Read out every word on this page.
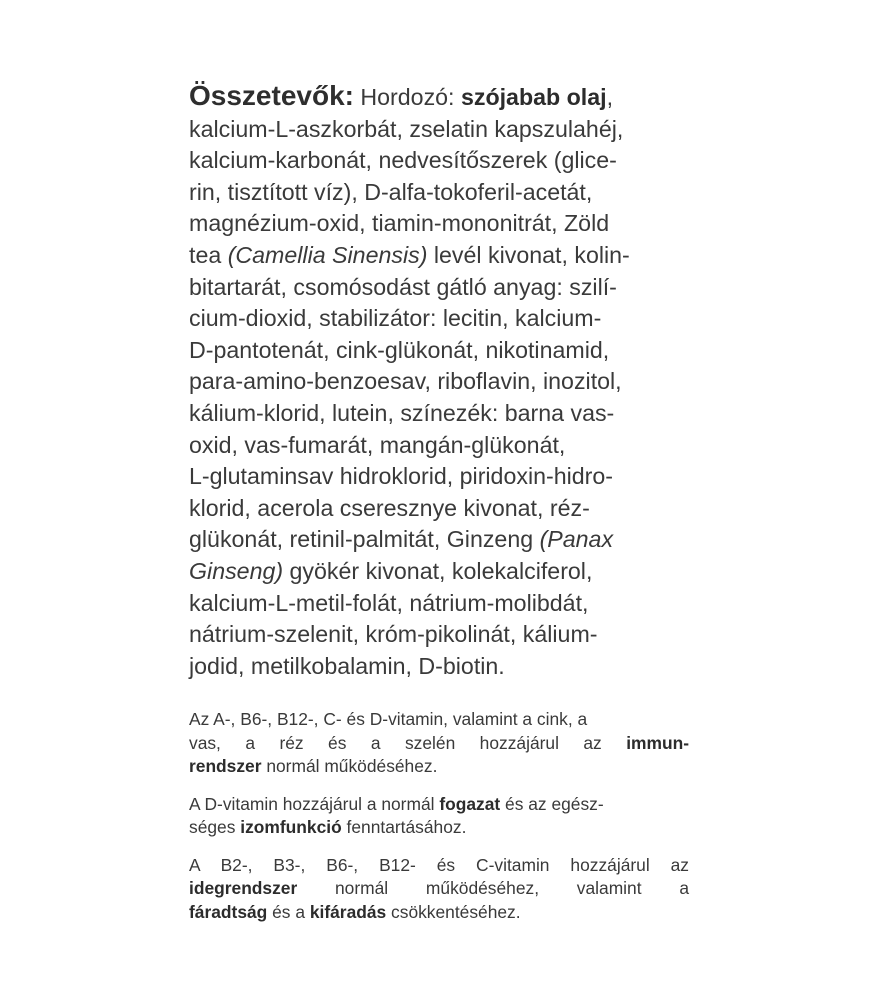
Összetevők: Hordozó: szójabab olaj,
kalcium-L-aszkorbát, zselatin kapszulahéj,
kalcium-karbonát, nedvesítőszerek (glice-
rin, tisztított víz), D-alfa-tokoferil-acetát,
magnézium-oxid, tiamin-mononitrát, Zöld
tea (Camellia Sinensis) levél kivonat, kolin-
bitartarát, csomósodást gátló anyag: szilí-
cium-dioxid, stabilizátor: lecitin, kalcium-
D-pantotenát, cink-glükonát, nikotinamid,
para-amino-benzoesav, riboflavin, inozitol,
kálium-klorid, lutein, színezék: barna vas-
oxid, vas-fumarát, mangán-glükonát,
L-glutaminsav hidroklorid, piridoxin-hidro-
klorid, acerola cseresznye kivonat, réz-
glükonát, retinil-palmitát, Ginzeng (Panax
Ginseng) gyökér kivonat, kolekalciferol,
kalcium-L-metil-folát, nátrium-molibdát,
nátrium-szelenit, króm-pikolinát, kálium-
jodid, metilkobalamin, D-biotin.

Az A-, B6-, B12-, C- és D-vitamin, valamint a cink, a
vas, a réz és a szelén hozzájárul az immun-
rendszer normál működéséhez.

A D-vitamin hozzájárul a normál fogazat és az egész-
séges izomfunkció fenntartásához.

A B2-, B3-, B6-, B12- és C-vitamin hozzájárul az
idegrendszer normál működéséhez, valamint a
fáradtság és a kifáradás csökkentéséhez.
